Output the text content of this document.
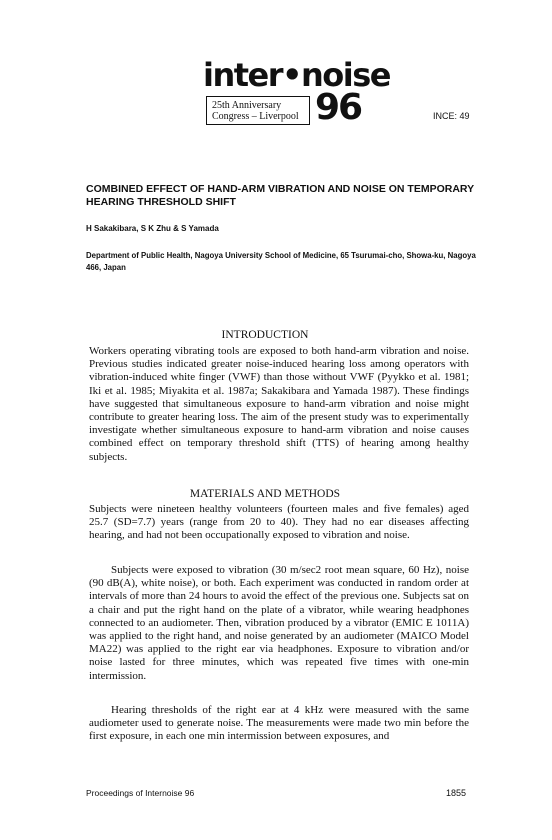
inter•noise
25th Anniversary
Congress – Liverpool 96	INCE: 49
COMBINED EFFECT OF HAND-ARM VIBRATION AND NOISE ON TEMPORARY HEARING THRESHOLD SHIFT
H Sakakibara, S K Zhu & S Yamada
Department of Public Health, Nagoya University School of Medicine, 65 Tsurumai-cho, Showa-ku, Nagoya 466, Japan
INTRODUCTION

Workers operating vibrating tools are exposed to both hand-arm vibration and noise. Previous studies indicated greater noise-induced hearing loss among operators with vibration-induced white finger (VWF) than those without VWF (Pyykko et al. 1981; Iki et al. 1985; Miyakita et al. 1987a; Sakakibara and Yamada 1987). These findings have suggested that simultaneous exposure to hand-arm vibration and noise might contribute to greater hearing loss. The aim of the present study was to experimentally investigate whether simultaneous exposure to hand-arm vibration and noise causes combined effect on temporary threshold shift (TTS) of hearing among healthy subjects.

MATERIALS AND METHODS

Subjects were nineteen healthy volunteers (fourteen males and five females) aged 25.7 (SD=7.7) years (range from 20 to 40). They had no ear diseases affecting hearing, and had not been occupationally exposed to vibration and noise.

Subjects were exposed to vibration (30 m/sec2 root mean square, 60 Hz), noise (90 dB(A), white noise), or both. Each experiment was conducted in random order at intervals of more than 24 hours to avoid the effect of the previous one. Subjects sat on a chair and put the right hand on the plate of a vibrator, while wearing headphones connected to an audiometer. Then, vibration produced by a vibrator (EMIC E 1011A) was applied to the right hand, and noise generated by an audiometer (MAICO Model MA22) was applied to the right ear via headphones. Exposure to vibration and/or noise lasted for three minutes, which was repeated five times with one-min intermission.

Hearing thresholds of the right ear at 4 kHz were measured with the same audiometer used to generate noise. The measurements were made two min before the first exposure, in each one min intermission between exposures, and

Proceedings of Internoise 96	1855
